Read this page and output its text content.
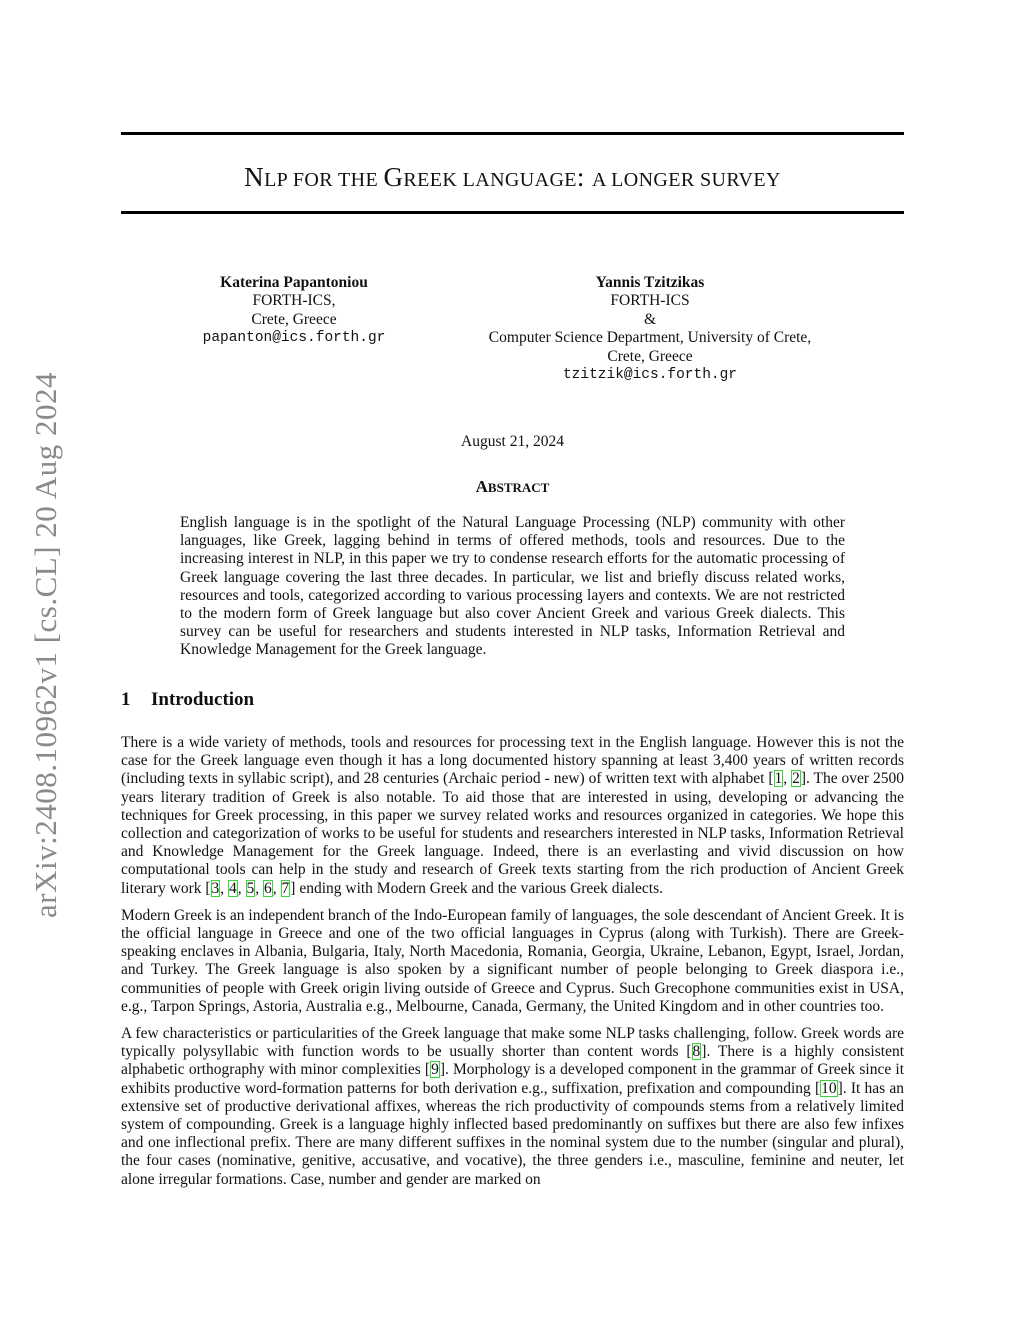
arXiv:2408.10962v1 [cs.CL] 20 Aug 2024
NLP FOR THE GREEK LANGUAGE: A LONGER SURVEY
Katerina Papantoniou
FORTH-ICS,
Crete, Greece
papanton@ics.forth.gr
Yannis Tzitzikas
FORTH-ICS
&
Computer Science Department, University of Crete,
Crete, Greece
tzitzik@ics.forth.gr
August 21, 2024
ABSTRACT
English language is in the spotlight of the Natural Language Processing (NLP) community with other languages, like Greek, lagging behind in terms of offered methods, tools and resources. Due to the increasing interest in NLP, in this paper we try to condense research efforts for the automatic processing of Greek language covering the last three decades. In particular, we list and briefly discuss related works, resources and tools, categorized according to various processing layers and contexts. We are not restricted to the modern form of Greek language but also cover Ancient Greek and various Greek dialects. This survey can be useful for researchers and students interested in NLP tasks, Information Retrieval and Knowledge Management for the Greek language.
1 Introduction

There is a wide variety of methods, tools and resources for processing text in the English language. However this is not the case for the Greek language even though it has a long documented history spanning at least 3,400 years of written records (including texts in syllabic script), and 28 centuries (Archaic period - new) of written text with alphabet [1, 2]. The over 2500 years literary tradition of Greek is also notable. To aid those that are interested in using, developing or advancing the techniques for Greek processing, in this paper we survey related works and resources organized in categories. We hope this collection and categorization of works to be useful for students and researchers interested in NLP tasks, Information Retrieval and Knowledge Management for the Greek language. Indeed, there is an everlasting and vivid discussion on how computational tools can help in the study and research of Greek texts starting from the rich production of Ancient Greek literary work [3, 4, 5, 6, 7] ending with Modern Greek and the various Greek dialects.

Modern Greek is an independent branch of the Indo-European family of languages, the sole descendant of Ancient Greek. It is the official language in Greece and one of the two official languages in Cyprus (along with Turkish). There are Greek-speaking enclaves in Albania, Bulgaria, Italy, North Macedonia, Romania, Georgia, Ukraine, Lebanon, Egypt, Israel, Jordan, and Turkey. The Greek language is also spoken by a significant number of people belonging to Greek diaspora i.e., communities of people with Greek origin living outside of Greece and Cyprus. Such Grecophone communities exist in USA, e.g., Tarpon Springs, Astoria, Australia e.g., Melbourne, Canada, Germany, the United Kingdom and in other countries too.

A few characteristics or particularities of the Greek language that make some NLP tasks challenging, follow. Greek words are typically polysyllabic with function words to be usually shorter than content words [8]. There is a highly consistent alphabetic orthography with minor complexities [9]. Morphology is a developed component in the grammar of Greek since it exhibits productive word-formation patterns for both derivation e.g., suffixation, prefixation and compounding [10]. It has an extensive set of productive derivational affixes, whereas the rich productivity of compounds stems from a relatively limited system of compounding. Greek is a language highly inflected based predominantly on suffixes but there are also few infixes and one inflectional prefix. There are many different suffixes in the nominal system due to the number (singular and plural), the four cases (nominative, genitive, accusative, and vocative), the three genders i.e., masculine, feminine and neuter, let alone irregular formations. Case, number and gender are marked on
